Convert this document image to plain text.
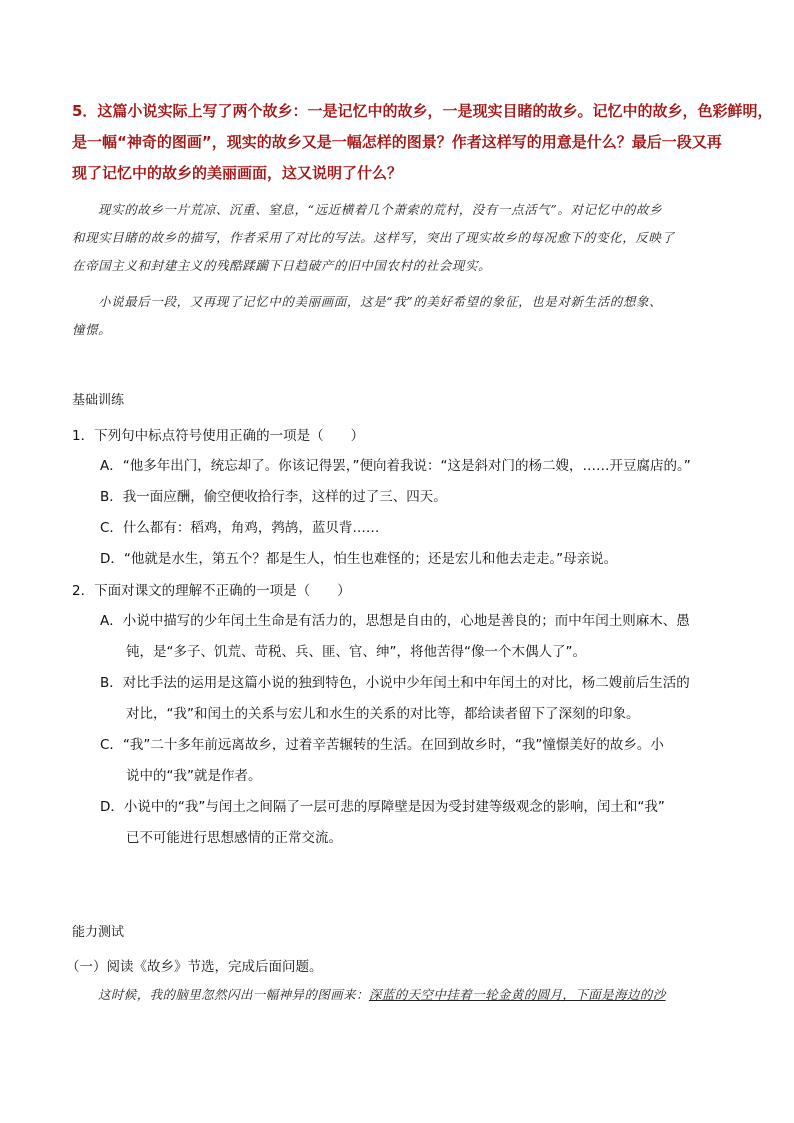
5．这篇小说实际上写了两个故乡：一是记忆中的故乡，一是现实目睹的故乡。记忆中的故乡，色彩鲜明，
是一幅“神奇的图画”，现实的故乡又是一幅怎样的图景？作者这样写的用意是什么？最后一段又再
现了记忆中的故乡的美丽画面，这又说明了什么？
现实的故乡一片荒凉、沉重、窒息，“远近横着几个萧索的荒村，没有一点活气”。对记忆中的故乡
和现实目睹的故乡的描写，作者采用了对比的写法。这样写，突出了现实故乡的每况愈下的变化，反映了
在帝国主义和封建主义的残酷蹂躏下日趋破产的旧中国农村的社会现实。
小说最后一段，又再现了记忆中的美丽画面，这是“我”的美好希望的象征，也是对新生活的想象、
憧憬。
基础训练
1．下列句中标点符号使用正确的一项是（　　）
A．“他多年出门，统忘却了。你该记得罢，”便向着我说：“这是斜对门的杨二嫂，……开豆腐店的。”
B．我一面应酬，偷空便收拾行李，这样的过了三、四天。
C．什么都有：稻鸡，角鸡，鹁鸪，蓝贝背……
D．“他就是水生，第五个？都是生人，怕生也难怪的；还是宏儿和他去走走。”母亲说。
2．下面对课文的理解不正确的一项是（　　）
A．小说中描写的少年闰土生命是有活力的，思想是自由的，心地是善良的；而中年闰土则麻木、愚
钝，是“多子、饥荒、苛税、兵、匪、官、绅”，将他苦得“像一个木偶人了”。
B．对比手法的运用是这篇小说的独到特色，小说中少年闰土和中年闰土的对比，杨二嫂前后生活的
对比，“我”和闰土的关系与宏儿和水生的关系的对比等，都给读者留下了深刻的印象。
C．“我”二十多年前远离故乡，过着辛苦辗转的生活。在回到故乡时，“我”憧憬美好的故乡。小
说中的“我”就是作者。
D．小说中的“我”与闰土之间隔了一层可悲的厚障壁是因为受封建等级观念的影响，闰土和“我”
已不可能进行思想感情的正常交流。
能力测试
（一）阅读《故乡》节选，完成后面问题。
这时候，我的脑里忽然闪出一幅神异的图画来：深蓝的天空中挂着一轮金黄的圆月，下面是海边的沙
